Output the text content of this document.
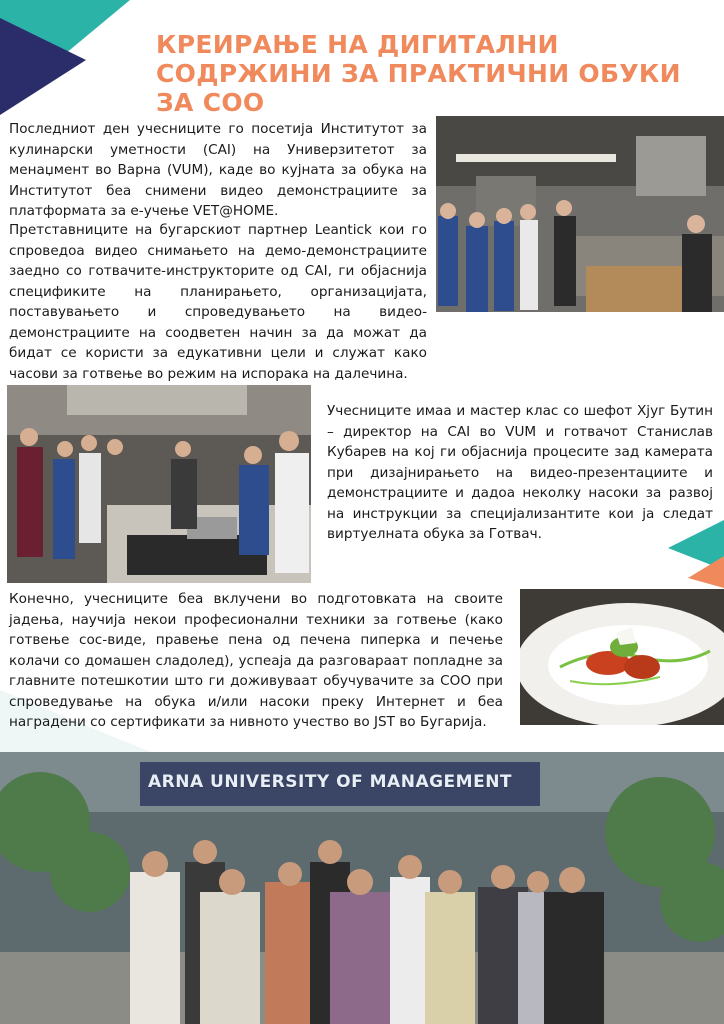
КРЕИРАЊЕ НА ДИГИТАЛНИ СОДРЖИНИ ЗА ПРАКТИЧНИ ОБУКИ ЗА СОО

Последниот ден учесниците го посетија Институтот за кулинарски уметности (CAI) на Универзитетот за менаџмент во Варна (VUM), каде во кујната за обука на Институтот беа снимени видео демонстрациите за платформата за е-учење VET@HOME.

Претставниците на бугарскиот партнер Leantick кои го спроведоа видео снимањето на демо-демонстрациите заедно со готвачите-инструкторите од CAI, ги објаснија спецификите на планирањето, организацијата, поставувањето и спроведувањето на видео-демонстрациите на соодветен начин за да можат да бидат се користи за едукативни цели и служат како часови за готвење во режим на испорака на далечина.

Учесниците имаа и мастер клас со шефот Хјуг Бутин – директор на CAI во VUM и готвачот Станислав Кубарев на кој ги објаснија процесите зад камерата при дизајнирањето на видео-презентациите и демонстрациите и дадоа неколку насоки за развој на инструкции за специјализантите кои ја следат виртуелната обука за Готвач.

Конечно, учесниците беа вклучени во подготовката на своите јадења, научија некои професионални техники за готвење (како готвење сос-виде, правење пена од печена пиперка и печење колачи со домашен сладолед), успеаја да разговараат попладне за главните потешкотии што ги доживуваат обучувачите за СОО при спроведување на обука и/или насоки преку Интернет и беа наградени со сертификати за нивното учество во JST во Бугарија.

ARNA UNIVERSITY OF MANAGEMENT
